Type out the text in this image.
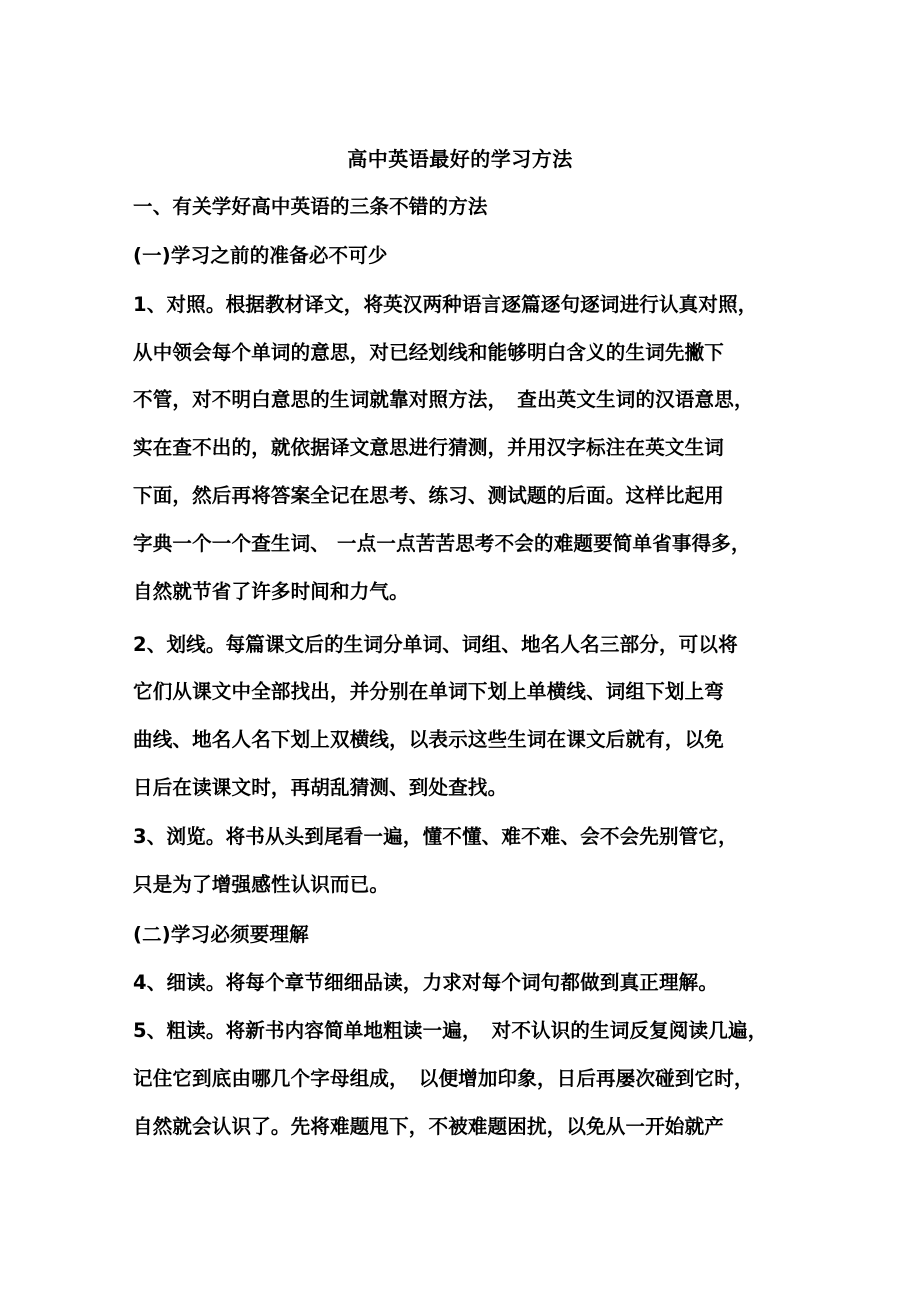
高中英语最好的学习方法
一、有关学好高中英语的三条不错的方法
(一)学习之前的准备必不可少
1、对照。根据教材译文，将英汉两种语言逐篇逐句逐词进行认真对照，
从中领会每个单词的意思，对已经划线和能够明白含义的生词先撇下
不管，对不明白意思的生词就靠对照方法，　查出英文生词的汉语意思，
实在查不出的，就依据译文意思进行猜测，并用汉字标注在英文生词
下面，然后再将答案全记在思考、练习、测试题的后面。这样比起用
字典一个一个查生词、 一点一点苦苦思考不会的难题要简单省事得多，
自然就节省了许多时间和力气。
2、划线。每篇课文后的生词分单词、词组、地名人名三部分，可以将
它们从课文中全部找出，并分别在单词下划上单横线、词组下划上弯
曲线、地名人名下划上双横线，以表示这些生词在课文后就有，以免
日后在读课文时，再胡乱猜测、到处查找。
3、浏览。将书从头到尾看一遍，懂不懂、难不难、会不会先别管它，
只是为了增强感性认识而已。
(二)学习必须要理解
4、细读。将每个章节细细品读，力求对每个词句都做到真正理解。
5、粗读。将新书内容简单地粗读一遍，　对不认识的生词反复阅读几遍，
记住它到底由哪几个字母组成，　以便增加印象，日后再屡次碰到它时，
自然就会认识了。先将难题甩下，不被难题困扰，以免从一开始就产
